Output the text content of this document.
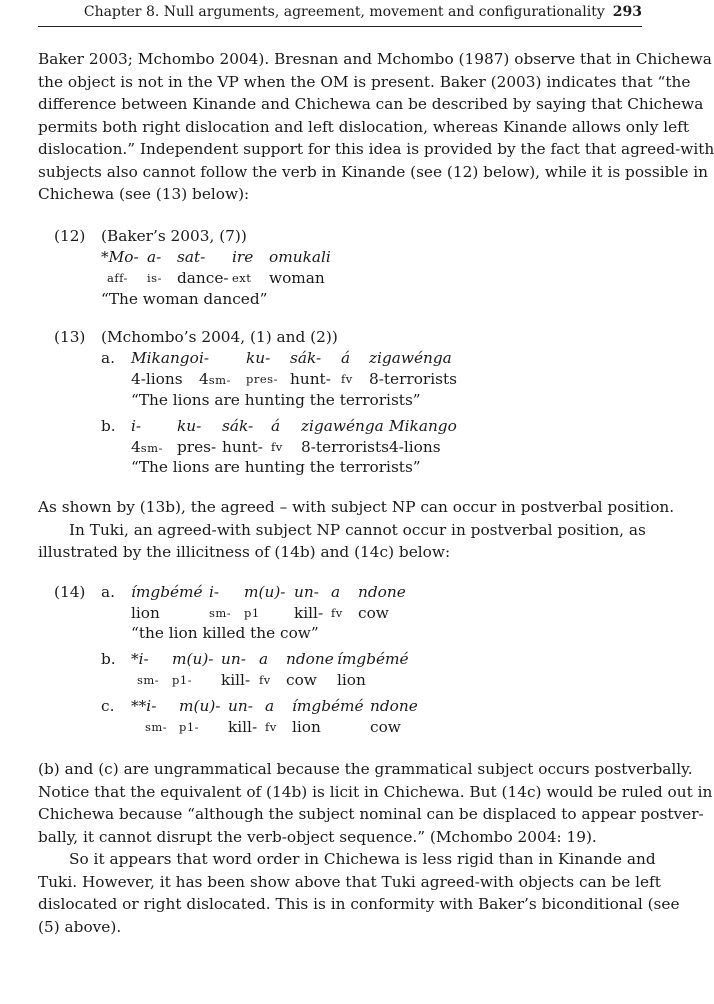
Chapter 8. Null arguments, agreement, movement and configurationality 293
Baker 2003; Mchombo 2004). Bresnan and Mchombo (1987) observe that in Chichewa
the object is not in the VP when the OM is present. Baker (2003) indicates that “the
difference between Kinande and Chichewa can be described by saying that Chichewa
permits both right dislocation and left dislocation, whereas Kinande allows only left
dislocation.” Independent support for this idea is provided by the fact that agreed-with
subjects also cannot follow the verb in Kinande (see (12) below), while it is possible in
Chichewa (see (13) below):
(12) (Baker’s 2003, (7))
*Mo- a- sat- ire omukali
aff- is- dance- ext woman
“The woman danced”
(13) (Mchombo’s 2004, (1) and (2))
a. Mikango i- ku- sák- á zigawénga
4-lions 4sm- pres- hunt- fv 8-terrorists
“The lions are hunting the terrorists”
b. i- ku- sák- á zigawénga Mikango
4sm- pres- hunt- fv 8-terrorists 4-lions
“The lions are hunting the terrorists”
As shown by (13b), the agreed – with subject NP can occur in postverbal position.
In Tuki, an agreed-with subject NP cannot occur in postverbal position, as
illustrated by the illicitness of (14b) and (14c) below:
(14) a. ímgbémé i- m(u)- un- a ndone
lion	sm- p1 kill- fv cow
“the lion killed the cow”
b. *i- m(u)- un- a ndone ímgbémé
sm- p1- kill- fv cow lion
c. **i- m(u)- un- a ímgbémé ndone
sm- p1- kill- fv lion	cow
(b) and (c) are ungrammatical because the grammatical subject occurs postverbally.
Notice that the equivalent of (14b) is licit in Chichewa. But (14c) would be ruled out in
Chichewa because “although the subject nominal can be displaced to appear postver-
bally, it cannot disrupt the verb-object sequence.” (Mchombo 2004: 19).
So it appears that word order in Chichewa is less rigid than in Kinande and
Tuki. However, it has been show above that Tuki agreed-with objects can be left
dislocated or right dislocated. This is in conformity with Baker’s biconditional (see
(5) above).
